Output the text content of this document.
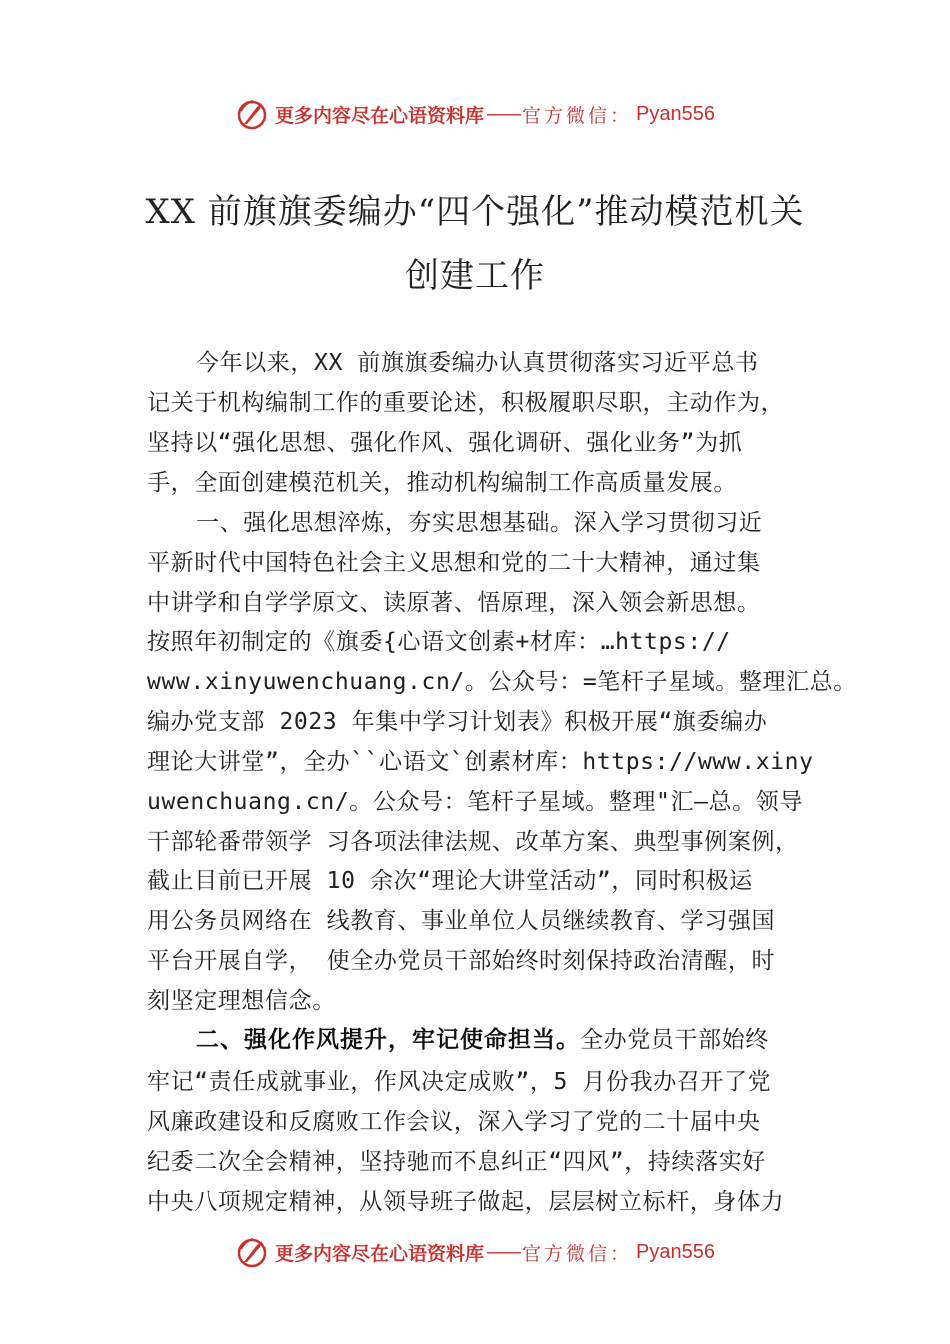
更多内容尽在心语资料库 —— 官方微信： Pyan556
XX 前旗旗委编办“四个强化”推动模范机关
创建工作
今年以来，XX 前旗旗委编办认真贯彻落实习近平总书
记关于机构编制工作的重要论述，积极履职尽职，主动作为，
坚持以“强化思想、强化作风、强化调研、强化业务”为抓
手，全面创建模范机关，推动机构编制工作高质量发展。
一、强化思想淬炼，夯实思想基础。深入学习贯彻习近
平新时代中国特色社会主义思想和党的二十大精神，通过集
中讲学和自学学原文、读原著、悟原理，深入领会新思想。
按照年初制定的《旗委{心语文创素+材库：…https://
www.xinyuwenchuang.cn/。公众号：=笔杆子星域。整理汇总。
编办党支部 2023 年集中学习计划表》积极开展“旗委编办
理论大讲堂”，全办``心语文`创素材库：https://www.xiny
uwenchuang.cn/。公众号：笔杆子星域。整理"汇—总。领导
干部轮番带领学 习各项法律法规、改革方案、典型事例案例，
截止目前已开展 10 余次“理论大讲堂活动”，同时积极运
用公务员网络在 线教育、事业单位人员继续教育、学习强国
平台开展自学， 使全办党员干部始终时刻保持政治清醒，时
刻坚定理想信念。
二、强化作风提升，牢记使命担当。全办党员干部始终
牢记“责任成就事业，作风决定成败”，5 月份我办召开了党
风廉政建设和反腐败工作会议，深入学习了党的二十届中央
纪委二次全会精神，坚持驰而不息纠正“四风”，持续落实好
中央八项规定精神，从领导班子做起，层层树立标杆，身体力
更多内容尽在心语资料库 —— 官方微信： Pyan556
